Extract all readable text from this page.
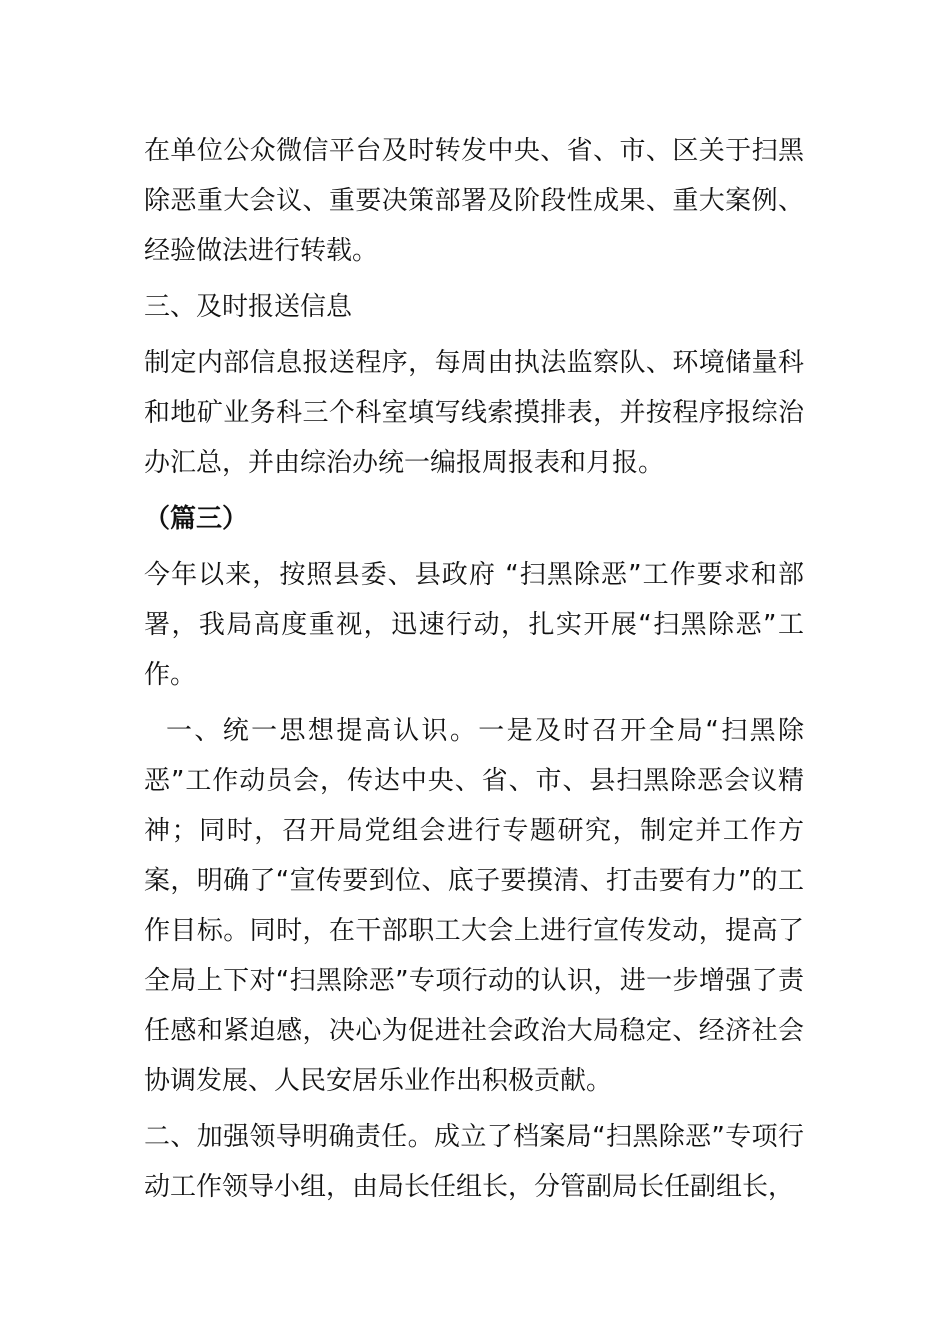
在单位公众微信平台及时转发中央、省、市、区关于扫黑除恶重大会议、重要决策部署及阶段性成果、重大案例、经验做法进行转载。

三、及时报送信息

制定内部信息报送程序，每周由执法监察队、环境储量科和地矿业务科三个科室填写线索摸排表，并按程序报综治办汇总，并由综治办统一编报周报表和月报。

（篇三）

今年以来，按照县委、县政府 “扫黑除恶”工作要求和部署，我局高度重视，迅速行动，扎实开展“扫黑除恶”工作。

一、统一思想提高认识。一是及时召开全局“扫黑除恶”工作动员会，传达中央、省、市、县扫黑除恶会议精神；同时，召开局党组会进行专题研究，制定并工作方案，明确了“宣传要到位、底子要摸清、打击要有力”的工作目标。同时，在干部职工大会上进行宣传发动，提高了全局上下对“扫黑除恶”专项行动的认识，进一步增强了责任感和紧迫感，决心为促进社会政治大局稳定、经济社会协调发展、人民安居乐业作出积极贡献。

二、加强领导明确责任。成立了档案局“扫黑除恶”专项行动工作领导小组，由局长任组长，分管副局长任副组长，
